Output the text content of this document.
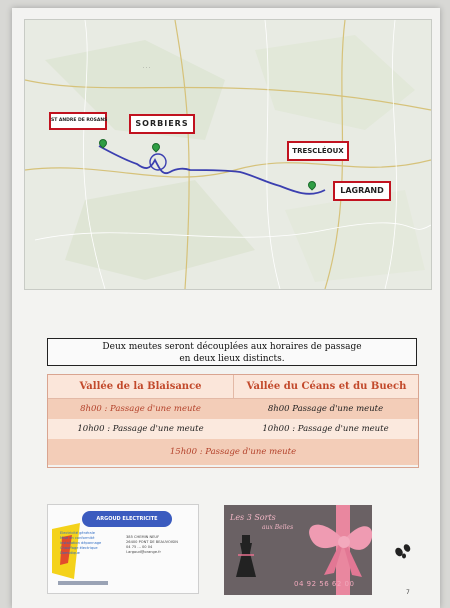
· · ·
ST ANDRE DE ROSANS	SORBIERS
TRESCLÉOUX
LAGRAND
Deux meutes seront découplées aux horaires de passage
en deux lieux distincts.
Vallée de la Blaisance	Vallée du Céans et du Buech
8h00 : Passage d'une meute	8h00 Passage d'une meute
10h00 : Passage d'une meute	10h00 : Passage d'une meute
15h00 : Passage d'une meute
ARGOUD ELECTRICITE
Electricité générale
Mise en conformité
Installation dépannage
Chauffage électrique
Domotique
385 CHEMIN NEUF
26400 PONT DE BEAUVOISIN
04 75 ... 00 04
l.argoud@orange.fr
Les 3 Sorts
aux Belles
04 92 56 62 00
7
